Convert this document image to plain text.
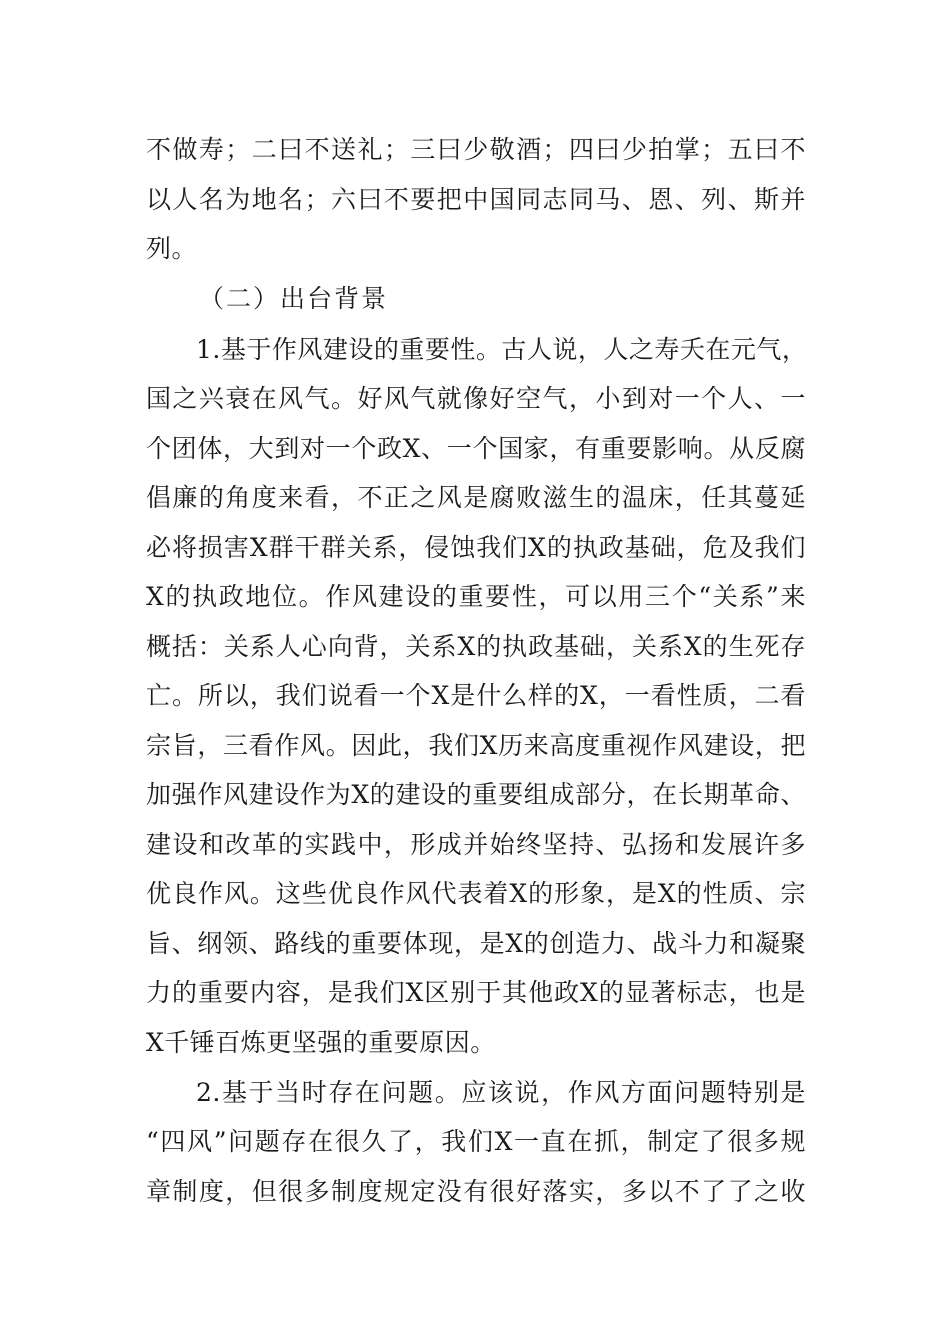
不做寿；二曰不送礼；三曰少敬酒；四曰少拍掌；五曰不
以人名为地名；六曰不要把中国同志同马、恩、列、斯并
列。
（二）出台背景
1.基于作风建设的重要性。古人说，人之寿夭在元气，
国之兴衰在风气。好风气就像好空气，小到对一个人、一
个团体，大到对一个政X、一个国家，有重要影响。从反腐
倡廉的角度来看，不正之风是腐败滋生的温床，任其蔓延
必将损害X群干群关系，侵蚀我们X的执政基础，危及我们
X的执政地位。作风建设的重要性，可以用三个“关系”来
概括：关系人心向背，关系X的执政基础，关系X的生死存
亡。所以，我们说看一个X是什么样的X，一看性质，二看
宗旨，三看作风。因此，我们X历来高度重视作风建设，把
加强作风建设作为X的建设的重要组成部分，在长期革命、
建设和改革的实践中，形成并始终坚持、弘扬和发展许多
优良作风。这些优良作风代表着X的形象，是X的性质、宗
旨、纲领、路线的重要体现，是X的创造力、战斗力和凝聚
力的重要内容，是我们X区别于其他政X的显著标志，也是
X千锤百炼更坚强的重要原因。
2.基于当时存在问题。应该说，作风方面问题特别是
“四风”问题存在很久了，我们X一直在抓，制定了很多规
章制度，但很多制度规定没有很好落实，多以不了了之收
